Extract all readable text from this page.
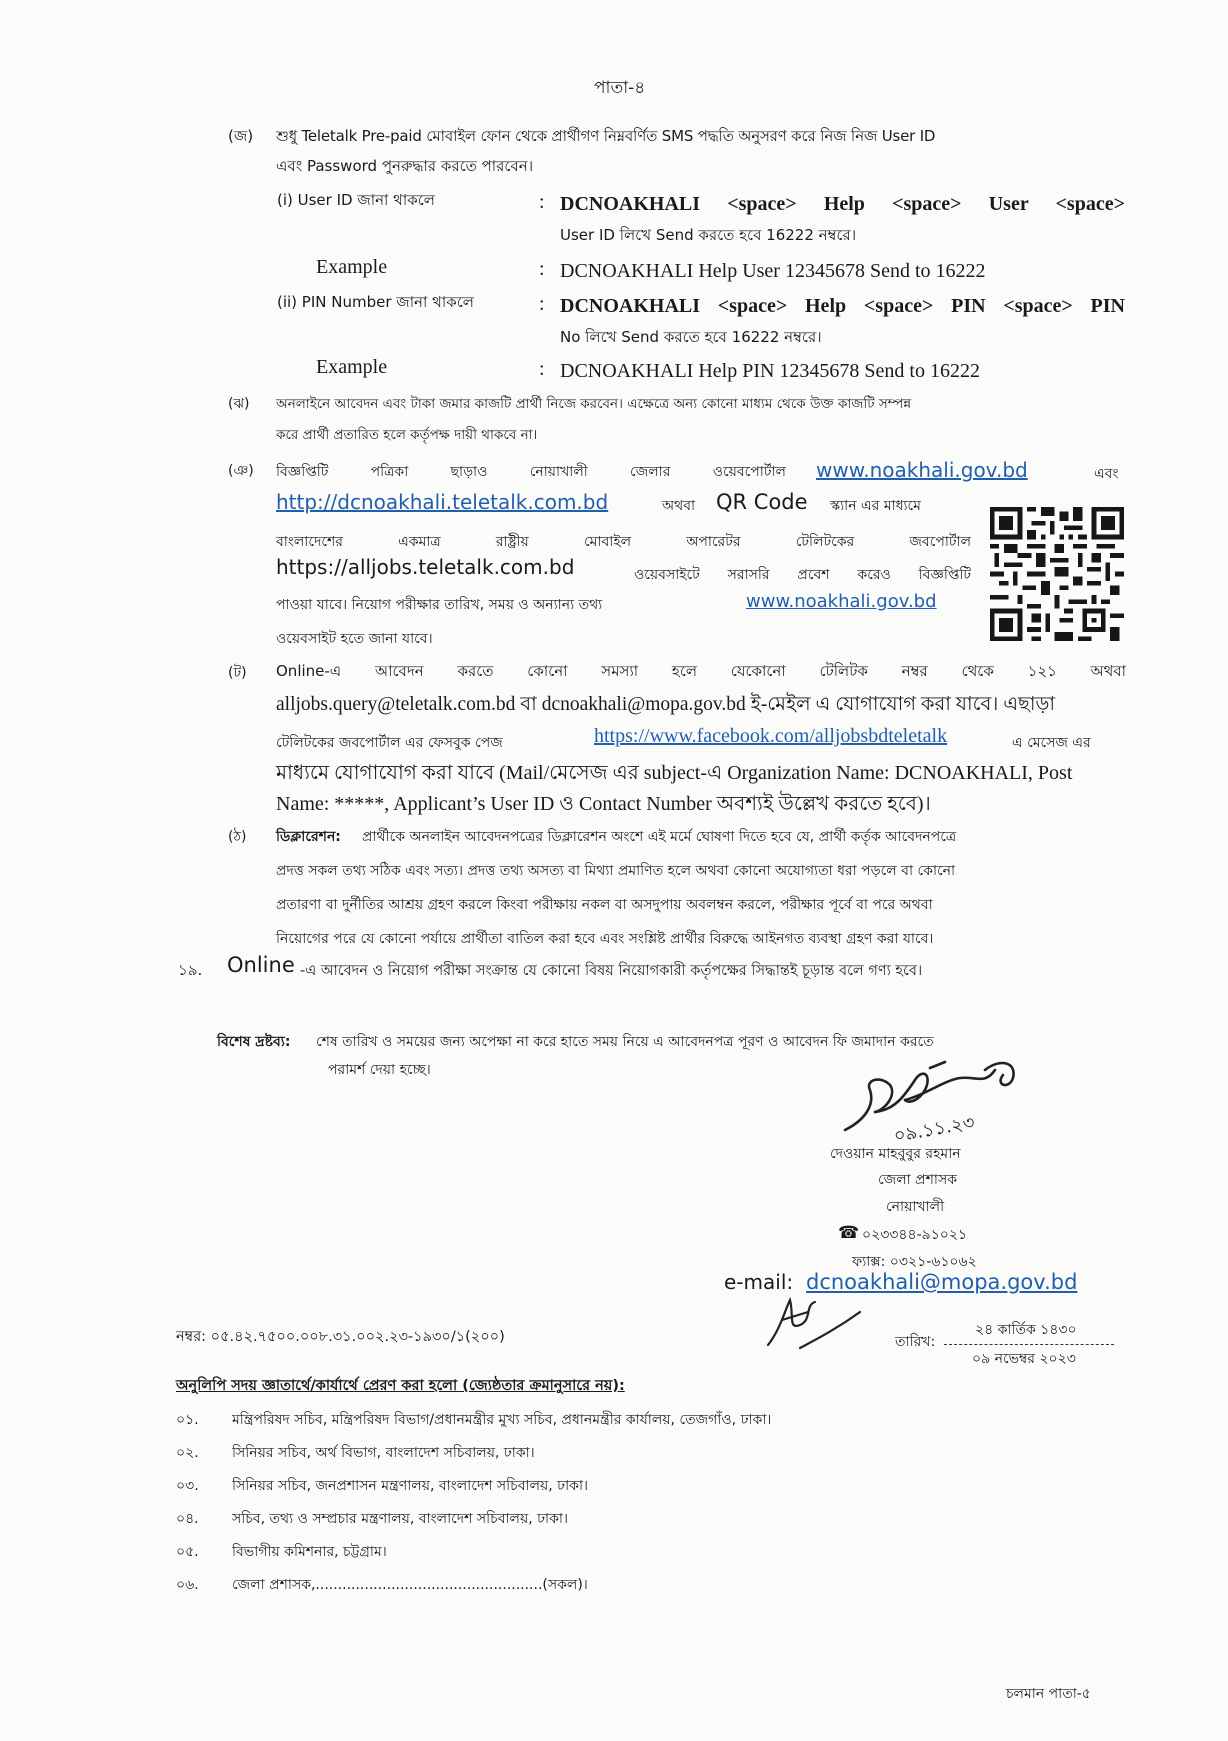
পাতা-৪
(জ) শুধু Teletalk Pre-paid মোবাইল ফোন থেকে প্রার্থীগণ নিম্নবর্ণিত SMS পদ্ধতি অনুসরণ করে নিজ নিজ User ID
এবং Password পুনরুদ্ধার করতে পারবেন।
(i) User ID জানা থাকলে	: DCNOAKHALI <space> Help <space> User <space>
User ID লিখে Send করতে হবে 16222 নম্বরে।
Example	: DCNOAKHALI Help User 12345678 Send to 16222
(ii) PIN Number জানা থাকলে	: DCNOAKHALI <space> Help <space> PIN <space> PIN
No লিখে Send করতে হবে 16222 নম্বরে।
Example	: DCNOAKHALI Help PIN 12345678 Send to 16222
(ঝ) অনলাইনে আবেদন এবং টাকা জমার কাজটি প্রার্থী নিজে করবেন। এক্ষেত্রে অন্য কোনো মাধ্যম থেকে উক্ত কাজটি সম্পন্ন
করে প্রার্থী প্রতারিত হলে কর্তৃপক্ষ দায়ী থাকবে না।
(ঞ) বিজ্ঞপ্তিটি পত্রিকা ছাড়াও নোয়াখালী জেলার ওয়েবপোর্টাল www.noakhali.gov.bd	এবং
http://dcnoakhali.teletalk.com.bd	অথবা QR Code স্ক্যান এর মাধ্যমে
বাংলাদেশের একমাত্র রাষ্ট্রীয় মোবাইল অপারেটর টেলিটকের জবপোর্টাল
https://alljobs.teletalk.com.bd	ওয়েবসাইটে সরাসরি প্রবেশ করেও বিজ্ঞপ্তিটি
পাওয়া যাবে। নিয়োগ পরীক্ষার তারিখ, সময় ও অন্যান্য তথ্য	www.noakhali.gov.bd
ওয়েবসাইট হতে জানা যাবে।
(ট) Online-এ আবেদন করতে কোনো সমস্যা হলে যেকোনো টেলিটক নম্বর থেকে ১২১ অথবা
alljobs.query@teletalk.com.bd বা dcnoakhali@mopa.gov.bd ই-মেইল এ যোগাযোগ করা যাবে। এছাড়া
টেলিটকের জবপোর্টাল এর ফেসবুক পেজ	https://www.facebook.com/alljobsbdteletalk	এ মেসেজ এর
মাধ্যমে যোগাযোগ করা যাবে (Mail/মেসেজ এর subject-এ Organization Name: DCNOAKHALI, Post
Name: *****, Applicant’s User ID ও Contact Number অবশ্যই উল্লেখ করতে হবে)।
(ঠ) ডিক্লারেশন: প্রার্থীকে অনলাইন আবেদনপত্রের ডিক্লারেশন অংশে এই মর্মে ঘোষণা দিতে হবে যে, প্রার্থী কর্তৃক আবেদনপত্রে
প্রদত্ত সকল তথ্য সঠিক এবং সত্য। প্রদত্ত তথ্য অসত্য বা মিথ্যা প্রমাণিত হলে অথবা কোনো অযোগ্যতা ধরা পড়লে বা কোনো
প্রতারণা বা দুর্নীতির আশ্রয় গ্রহণ করলে কিংবা পরীক্ষায় নকল বা অসদুপায় অবলম্বন করলে, পরীক্ষার পূর্বে বা পরে অথবা
নিয়োগের পরে যে কোনো পর্যায়ে প্রার্থীতা বাতিল করা হবে এবং সংশ্লিষ্ট প্রার্থীর বিরুদ্ধে আইনগত ব্যবস্থা গ্রহণ করা যাবে।
১৯. Online -এ আবেদন ও নিয়োগ পরীক্ষা সংক্রান্ত যে কোনো বিষয় নিয়োগকারী কর্তৃপক্ষের সিদ্ধান্তই চূড়ান্ত বলে গণ্য হবে।
বিশেষ দ্রষ্টব্য: শেষ তারিখ ও সময়ের জন্য অপেক্ষা না করে হাতে সময় নিয়ে এ আবেদনপত্র পূরণ ও আবেদন ফি জমাদান করতে
পরামর্শ দেয়া হচ্ছে।
০৯.১১.২৩
দেওয়ান মাহবুবুর রহমান
জেলা প্রশাসক
নোয়াখালী
☎ ০২৩৩৪৪-৯১০২১
ফ্যাক্স: ০৩২১-৬১০৬২
e-mail: dcnoakhali@mopa.gov.bd
নম্বর: ০৫.৪২.৭৫০০.০০৮.৩১.০০২.২৩-১৯৩০/১(২০০)	তারিখ:
২৪ কার্তিক ১৪৩০
০৯ নভেম্বর ২০২৩
অনুলিপি সদয় জ্ঞাতার্থে/কার্যার্থে প্রেরণ করা হলো (জ্যেষ্ঠতার ক্রমানুসারে নয়):
০১. মন্ত্রিপরিষদ সচিব, মন্ত্রিপরিষদ বিভাগ/প্রধানমন্ত্রীর মুখ্য সচিব, প্রধানমন্ত্রীর কার্যালয়, তেজগাঁও, ঢাকা।
০২. সিনিয়র সচিব, অর্থ বিভাগ, বাংলাদেশ সচিবালয়, ঢাকা।
০৩. সিনিয়র সচিব, জনপ্রশাসন মন্ত্রণালয়, বাংলাদেশ সচিবালয়, ঢাকা।
০৪. সচিব, তথ্য ও সম্প্রচার মন্ত্রণালয়, বাংলাদেশ সচিবালয়, ঢাকা।
০৫. বিভাগীয় কমিশনার, চট্টগ্রাম।
০৬. জেলা প্রশাসক,...................................................(সকল)।
চলমান পাতা-৫
